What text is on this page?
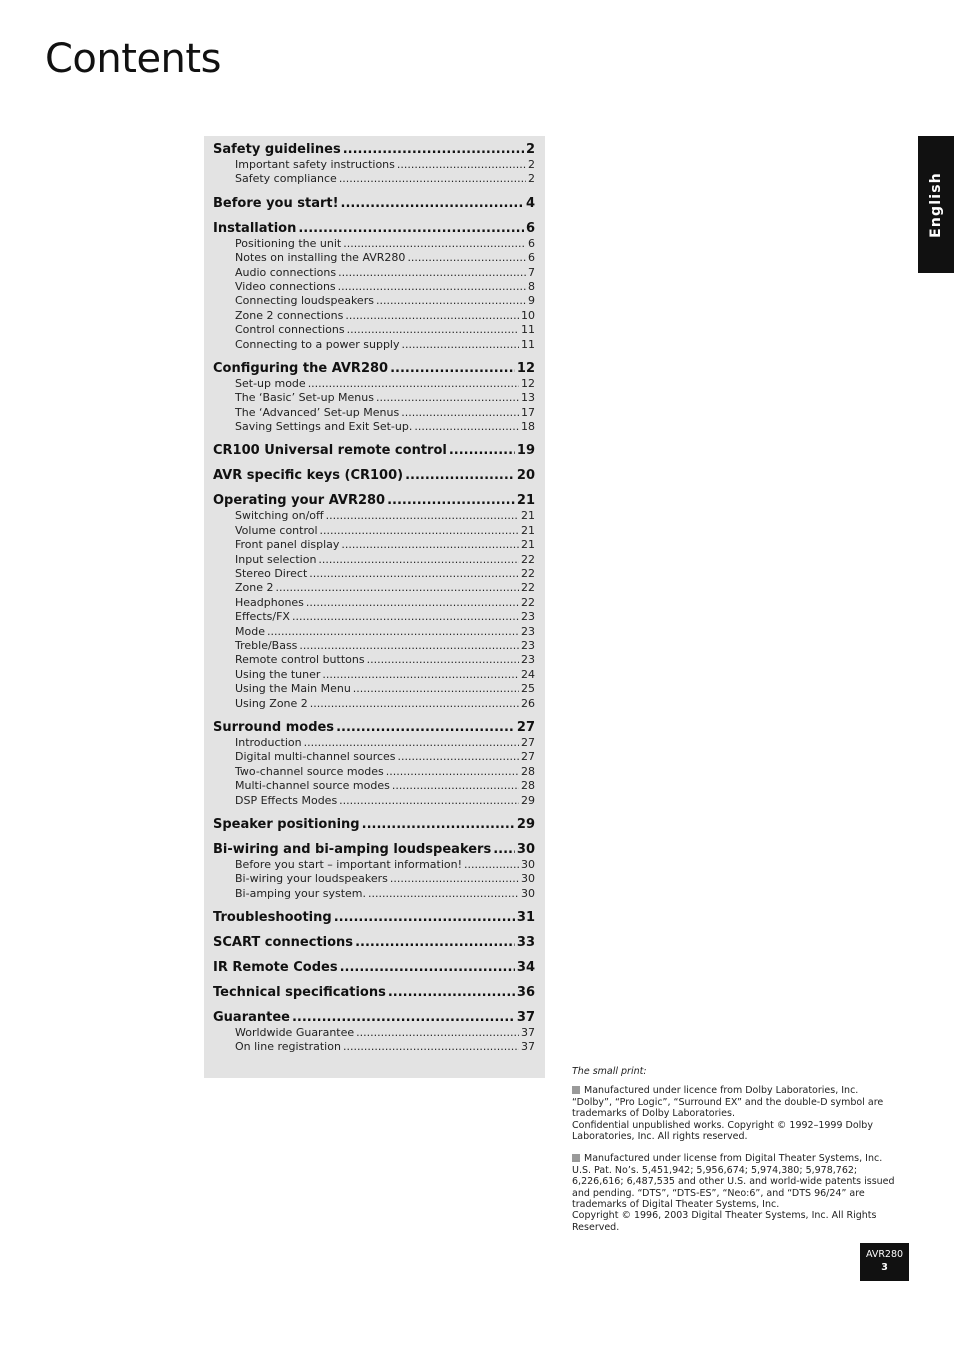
Contents
English
Safety guidelines .....	2
Important safety instructions .....	2
Safety compliance .....	2
Before you start! .....	4
Installation .....	6
Positioning the unit .....	6
Notes on installing the AVR280 .....	6
Audio connections .....	7
Video connections .....	8
Connecting loudspeakers .....	9
Zone 2 connections .....	10
Control connections .....	11
Connecting to a power supply .....	11
Configuring the AVR280 .....	12
Set-up mode .....	12
The ‘Basic’ Set-up Menus .....	13
The ‘Advanced’ Set-up Menus .....	17
Saving Settings and Exit Set-up. .....	18
CR100 Universal remote control .....	19
AVR specific keys (CR100) .....	20
Operating your AVR280 .....	21
Switching on/off .....	21
Volume control .....	21
Front panel display .....	21
Input selection .....	22
Stereo Direct .....	22
Zone 2 .....	22
Headphones .....	22
Effects/FX .....	23
Mode .....	23
Treble/Bass .....	23
Remote control buttons .....	23
Using the tuner .....	24
Using the Main Menu .....	25
Using Zone 2 .....	26
Surround modes .....	27
Introduction .....	27
Digital multi-channel sources .....	27
Two-channel source modes .....	28
Multi-channel source modes .....	28
DSP Effects Modes .....	29
Speaker positioning .....	29
Bi-wiring and bi-amping loudspeakers ..... 30
Before you start – important information! .....	30
Bi-wiring your loudspeakers .....	30
Bi-amping your system. .....	30
Troubleshooting .....	31
SCART connections .....	33
IR Remote Codes .....	34
Technical specifications .....	36
Guarantee .....	37
Worldwide Guarantee .....	37
On line registration .....	37
The small print:
Manufactured under licence from Dolby Laboratories, Inc.
“Dolby”, “Pro Logic”, “Surround EX” and the double-D symbol are trademarks of Dolby Laboratories.
Confidential unpublished works. Copyright © 1992–1999 Dolby Laboratories, Inc. All rights reserved.
Manufactured under license from Digital Theater Systems, Inc.
U.S. Pat. No’s. 5,451,942; 5,956,674; 5,974,380; 5,978,762; 6,226,616; 6,487,535 and other U.S. and world-wide patents issued and pending. “DTS”, “DTS-ES”, “Neo:6”, and “DTS 96/24” are trademarks of Digital Theater Systems, Inc.
Copyright © 1996, 2003 Digital Theater Systems, Inc. All Rights Reserved.
AVR280
3
